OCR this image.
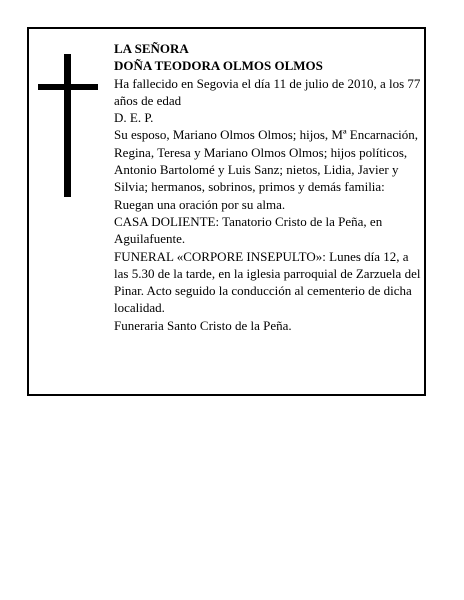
LA SEÑORA

DOÑA TEODORA OLMOS OLMOS

Ha fallecido en Segovia el día 11 de julio de 2010, a los 77 años de edad

D. E. P.

Su esposo, Mariano Olmos Olmos; hijos, Mª Encarnación, Regina, Teresa y Mariano Olmos Olmos; hijos políticos, Antonio Bartolomé y Luis Sanz; nietos, Lidia, Javier y Silvia; hermanos, sobrinos, primos y demás familia:

Ruegan una oración por su alma.

CASA DOLIENTE: Tanatorio Cristo de la Peña, en Aguilafuente.

FUNERAL «CORPORE INSEPULTO»: Lunes día 12, a las 5.30 de la tarde, en la iglesia parroquial de Zarzuela del Pinar. Acto seguido la conducción al cementerio de dicha localidad.

Funeraria Santo Cristo de la Peña.
